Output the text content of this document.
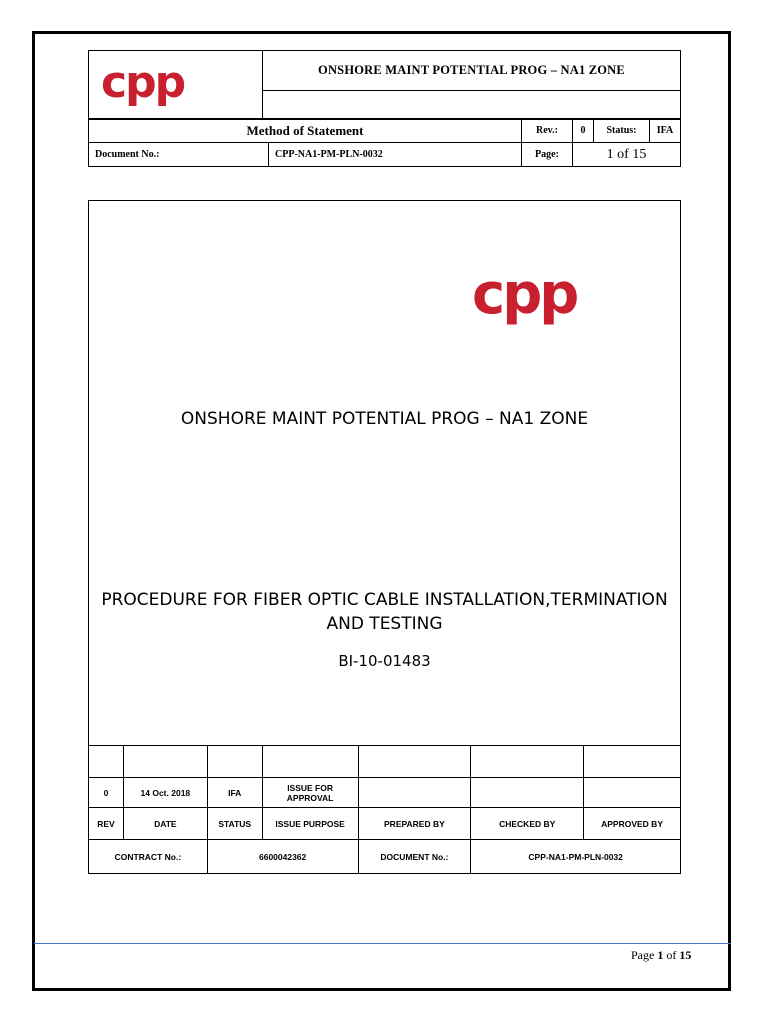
cpp	ONSHORE MAINT POTENTIAL PROG – NA1 ZONE

Method of Statement		Rev.:	0	Status:	IFA
Document No.:	CPP-NA1-PM-PLN-0032	Page:	1 of 15		
cpp
ONSHORE MAINT POTENTIAL PROG – NA1 ZONE
PROCEDURE FOR FIBER OPTIC CABLE INSTALLATION,TERMINATION
AND TESTING
BI-10-01483

0	14 Oct. 2018	IFA	ISSUE FOR
APPROVAL			

REV	DATE	STATUS	ISSUE PURPOSE	PREPARED BY	CHECKED BY	APPROVED BY
CONTRACT No.:		6600042362		DOCUMENT No.:	CPP-NA1-PM-PLN-0032	
Page 1 of 15
